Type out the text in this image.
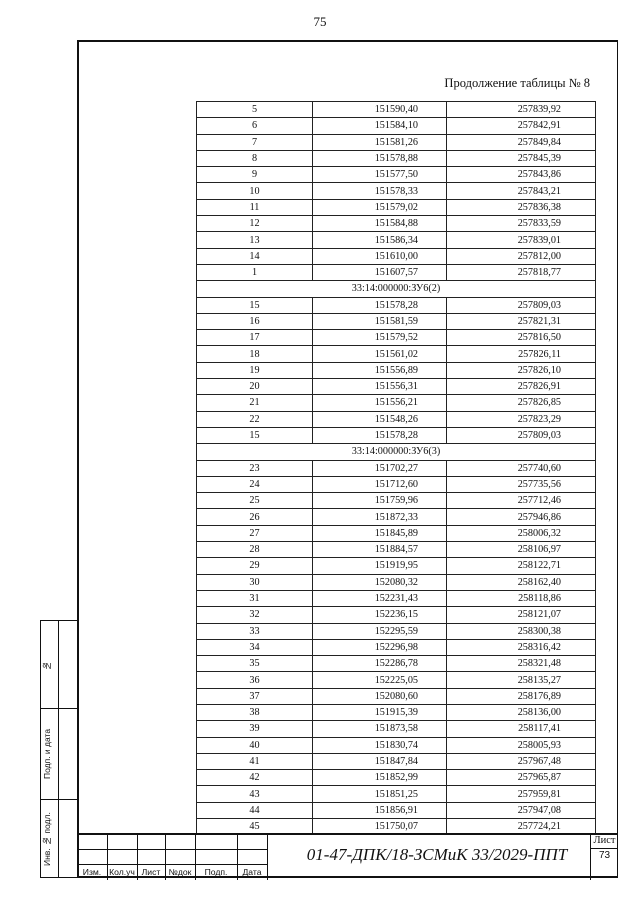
75
Продолжение таблицы № 8
5	151590,40	257839,92
6	151584,10	257842,91
7	151581,26	257849,84
8	151578,88	257845,39
9	151577,50	257843,86
10	151578,33	257843,21
11	151579,02	257836,38
12	151584,88	257833,59
13	151586,34	257839,01
14	151610,00	257812,00
1	151607,57	257818,77
33:14:000000:ЗУ6(2)		
15	151578,28	257809,03
16	151581,59	257821,31
17	151579,52	257816,50
18	151561,02	257826,11
19	151556,89	257826,10
20	151556,31	257826,91
21	151556,21	257826,85
22	151548,26	257823,29
15	151578,28	257809,03
33:14:000000:ЗУ6(3)		
23	151702,27	257740,60
24	151712,60	257735,56
25	151759,96	257712,46
26	151872,33	257946,86
27	151845,89	258006,32
28	151884,57	258106,97
29	151919,95	258122,71
30	152080,32	258162,40
31	152231,43	258118,86
32	152236,15	258121,07
33	152295,59	258300,38
34	152296,98	258316,42
35	152286,78	258321,48
36	152225,05	258135,27
37	152080,60	258176,89
38	151915,39	258136,00
39	151873,58	258117,41
40	151830,74	258005,93
41	151847,84	257967,48
42	151852,99	257965,87
43	151851,25	257959,81
44	151856,91	257947,08
45	151750,07	257724,21
№
Подп. и дата
Инв. № подл.
Изм. Кол.уч Лист №док	Подп.	Дата
01-47-ДПК/18-ЗСМиК 33/2029-ППТ
Лист
73
